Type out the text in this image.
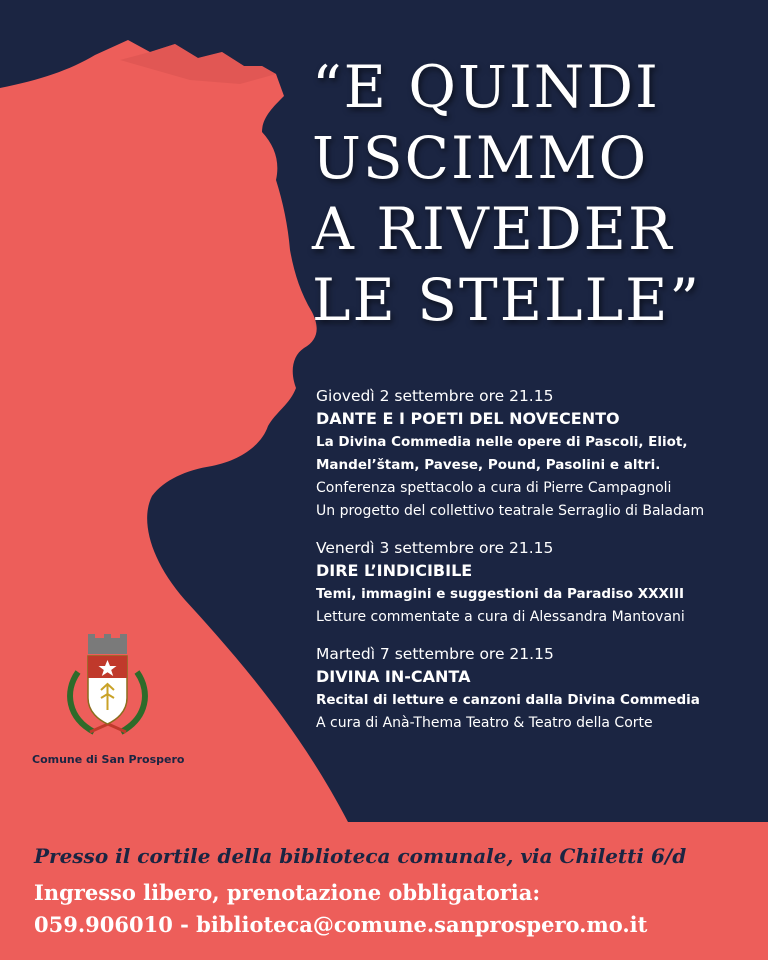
“E QUINDI
USCIMMO
A RIVEDER
LE STELLE”
Giovedì 2 settembre ore 21.15
DANTE E I POETI DEL NOVECENTO
La Divina Commedia nelle opere di Pascoli, Eliot,
Mandel’štam, Pavese, Pound, Pasolini e altri.
Conferenza spettacolo a cura di Pierre Campagnoli
Un progetto del collettivo teatrale Serraglio di Baladam
Venerdì 3 settembre ore 21.15
DIRE L’INDICIBILE
Temi, immagini e suggestioni da Paradiso XXXIII
Letture commentate a cura di Alessandra Mantovani
Martedì 7 settembre ore 21.15
DIVINA IN-CANTA
Recital di letture e canzoni dalla Divina Commedia
A cura di Anà-Thema Teatro & Teatro della Corte
Comune di San Prospero
Presso il cortile della biblioteca comunale, via Chiletti 6/d
Ingresso libero, prenotazione obbligatoria:
059.906010 - biblioteca@comune.sanprospero.mo.it
